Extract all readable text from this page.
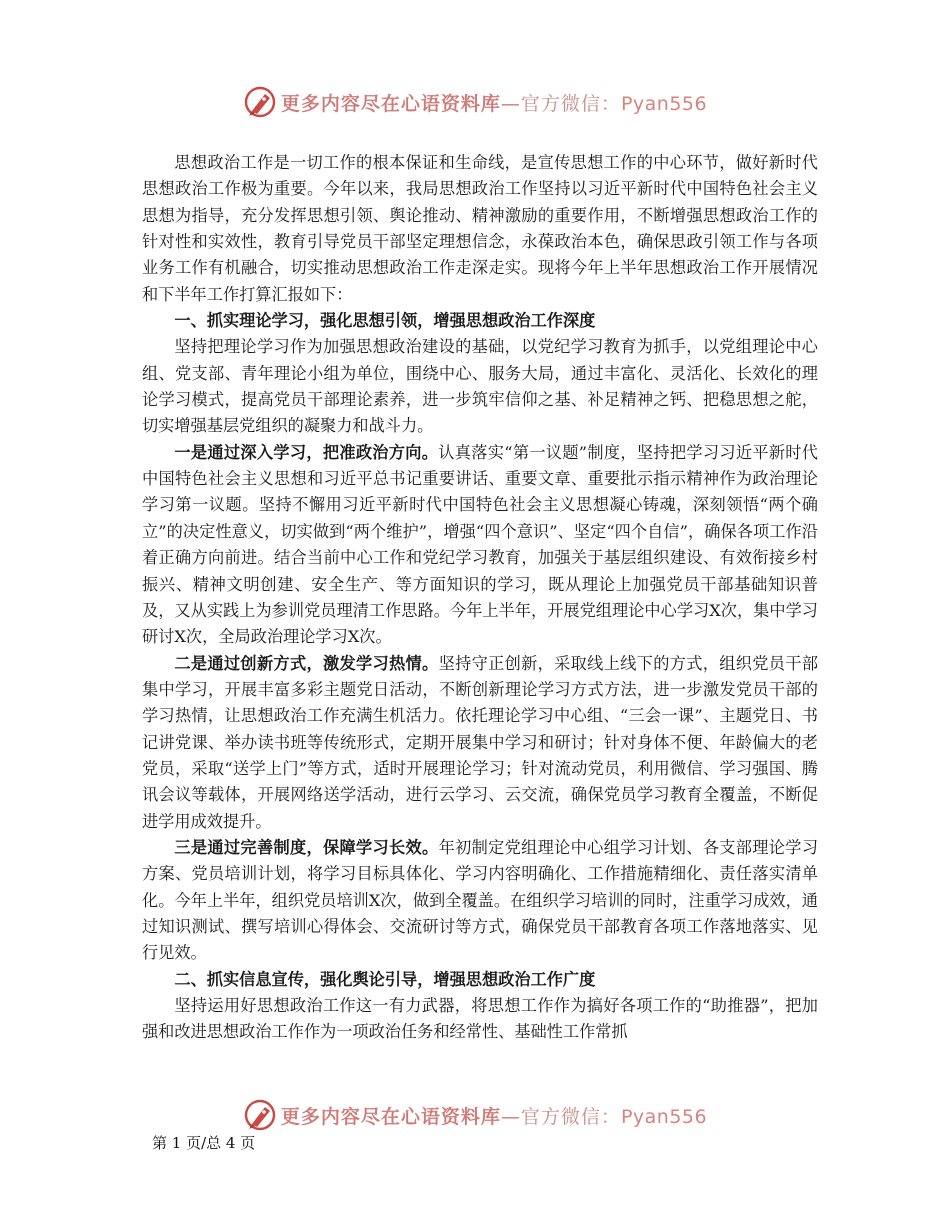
更多内容尽在心语资料库—官方微信：Pyan556

思想政治工作是一切工作的根本保证和生命线，是宣传思想工作的中心环节，做好新时代思想政治工作极为重要。今年以来，我局思想政治工作坚持以习近平新时代中国特色社会主义思想为指导，充分发挥思想引领、舆论推动、精神激励的重要作用，不断增强思想政治工作的针对性和实效性，教育引导党员干部坚定理想信念，永葆政治本色，确保思政引领工作与各项业务工作有机融合，切实推动思想政治工作走深走实。现将今年上半年思想政治工作开展情况和下半年工作打算汇报如下：

一、抓实理论学习，强化思想引领，增强思想政治工作深度

坚持把理论学习作为加强思想政治建设的基础，以党纪学习教育为抓手，以党组理论中心组、党支部、青年理论小组为单位，围绕中心、服务大局，通过丰富化、灵活化、长效化的理论学习模式，提高党员干部理论素养，进一步筑牢信仰之基、补足精神之钙、把稳思想之舵，切实增强基层党组织的凝聚力和战斗力。

一是通过深入学习，把准政治方向。认真落实“第一议题”制度，坚持把学习习近平新时代中国特色社会主义思想和习近平总书记重要讲话、重要文章、重要批示指示精神作为政治理论学习第一议题。坚持不懈用习近平新时代中国特色社会主义思想凝心铸魂，深刻领悟“两个确立”的决定性意义，切实做到“两个维护”，增强“四个意识”、坚定“四个自信”，确保各项工作沿着正确方向前进。结合当前中心工作和党纪学习教育，加强关于基层组织建设、有效衔接乡村振兴、精神文明创建、安全生产、等方面知识的学习，既从理论上加强党员干部基础知识普及，又从实践上为参训党员理清工作思路。今年上半年，开展党组理论中心学习X次，集中学习研讨X次，全局政治理论学习X次。

二是通过创新方式，激发学习热情。坚持守正创新，采取线上线下的方式，组织党员干部集中学习，开展丰富多彩主题党日活动，不断创新理论学习方式方法，进一步激发党员干部的学习热情，让思想政治工作充满生机活力。依托理论学习中心组、“三会一课”、主题党日、书记讲党课、举办读书班等传统形式，定期开展集中学习和研讨；针对身体不便、年龄偏大的老党员，采取“送学上门”等方式，适时开展理论学习；针对流动党员，利用微信、学习强国、腾讯会议等载体，开展网络送学活动，进行云学习、云交流，确保党员学习教育全覆盖，不断促进学用成效提升。

三是通过完善制度，保障学习长效。年初制定党组理论中心组学习计划、各支部理论学习方案、党员培训计划，将学习目标具体化、学习内容明确化、工作措施精细化、责任落实清单化。今年上半年，组织党员培训X次，做到全覆盖。在组织学习培训的同时，注重学习成效，通过知识测试、撰写培训心得体会、交流研讨等方式，确保党员干部教育各项工作落地落实、见行见效。

二、抓实信息宣传，强化舆论引导，增强思想政治工作广度

坚持运用好思想政治工作这一有力武器，将思想工作作为搞好各项工作的“助推器”，把加强和改进思想政治工作作为一项政治任务和经常性、基础性工作常抓

更多内容尽在心语资料库—官方微信：Pyan556
第 1 页/总 4 页
